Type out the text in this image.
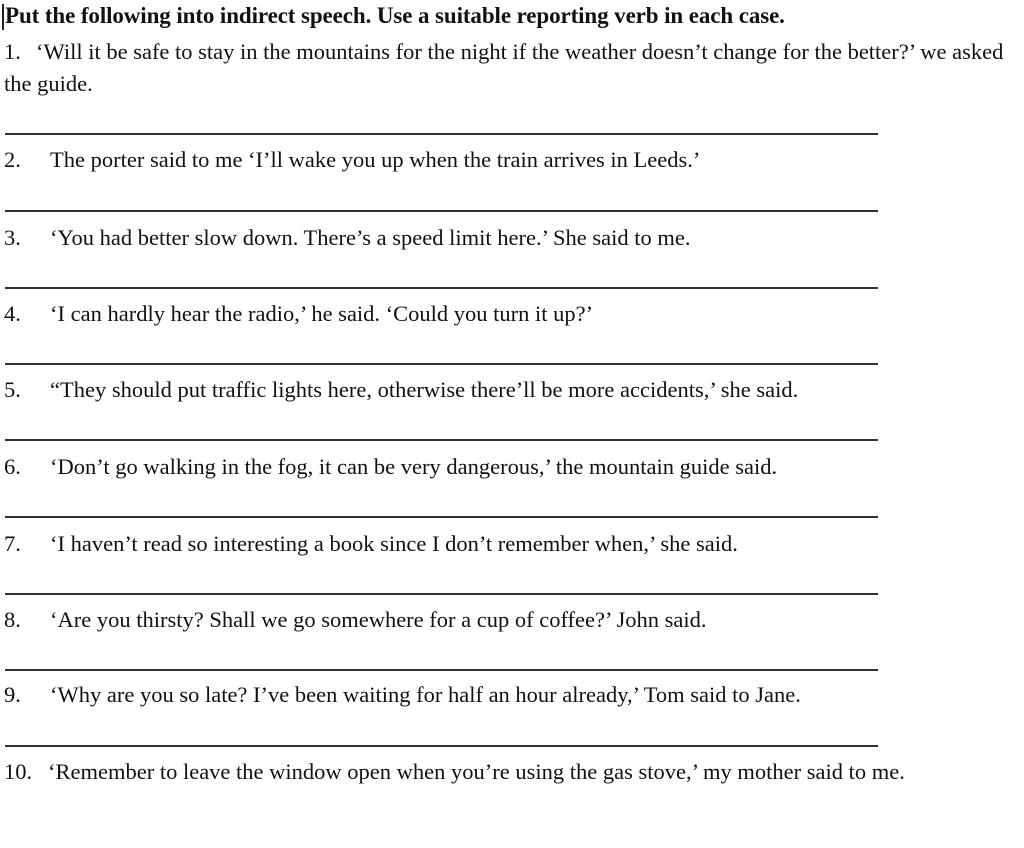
Put the following into indirect speech. Use a suitable reporting verb in each case.
1. ‘Will it be safe to stay in the mountains for the night if the weather doesn’t change for the better?’ we asked the guide.
2. The porter said to me ‘I’ll wake you up when the train arrives in Leeds.’
3. ‘You had better slow down. There’s a speed limit here.’ She said to me.
4. ‘I can hardly hear the radio,’ he said. ‘Could you turn it up?’
5. “They should put traffic lights here, otherwise there’ll be more accidents,’ she said.
6. ‘Don’t go walking in the fog, it can be very dangerous,’ the mountain guide said.
7. ‘I haven’t read so interesting a book since I don’t remember when,’ she said.
8. ‘Are you thirsty? Shall we go somewhere for a cup of coffee?’ John said.
9. ‘Why are you so late? I’ve been waiting for half an hour already,’ Tom said to Jane.
10. ‘Remember to leave the window open when you’re using the gas stove,’ my mother said to me.
